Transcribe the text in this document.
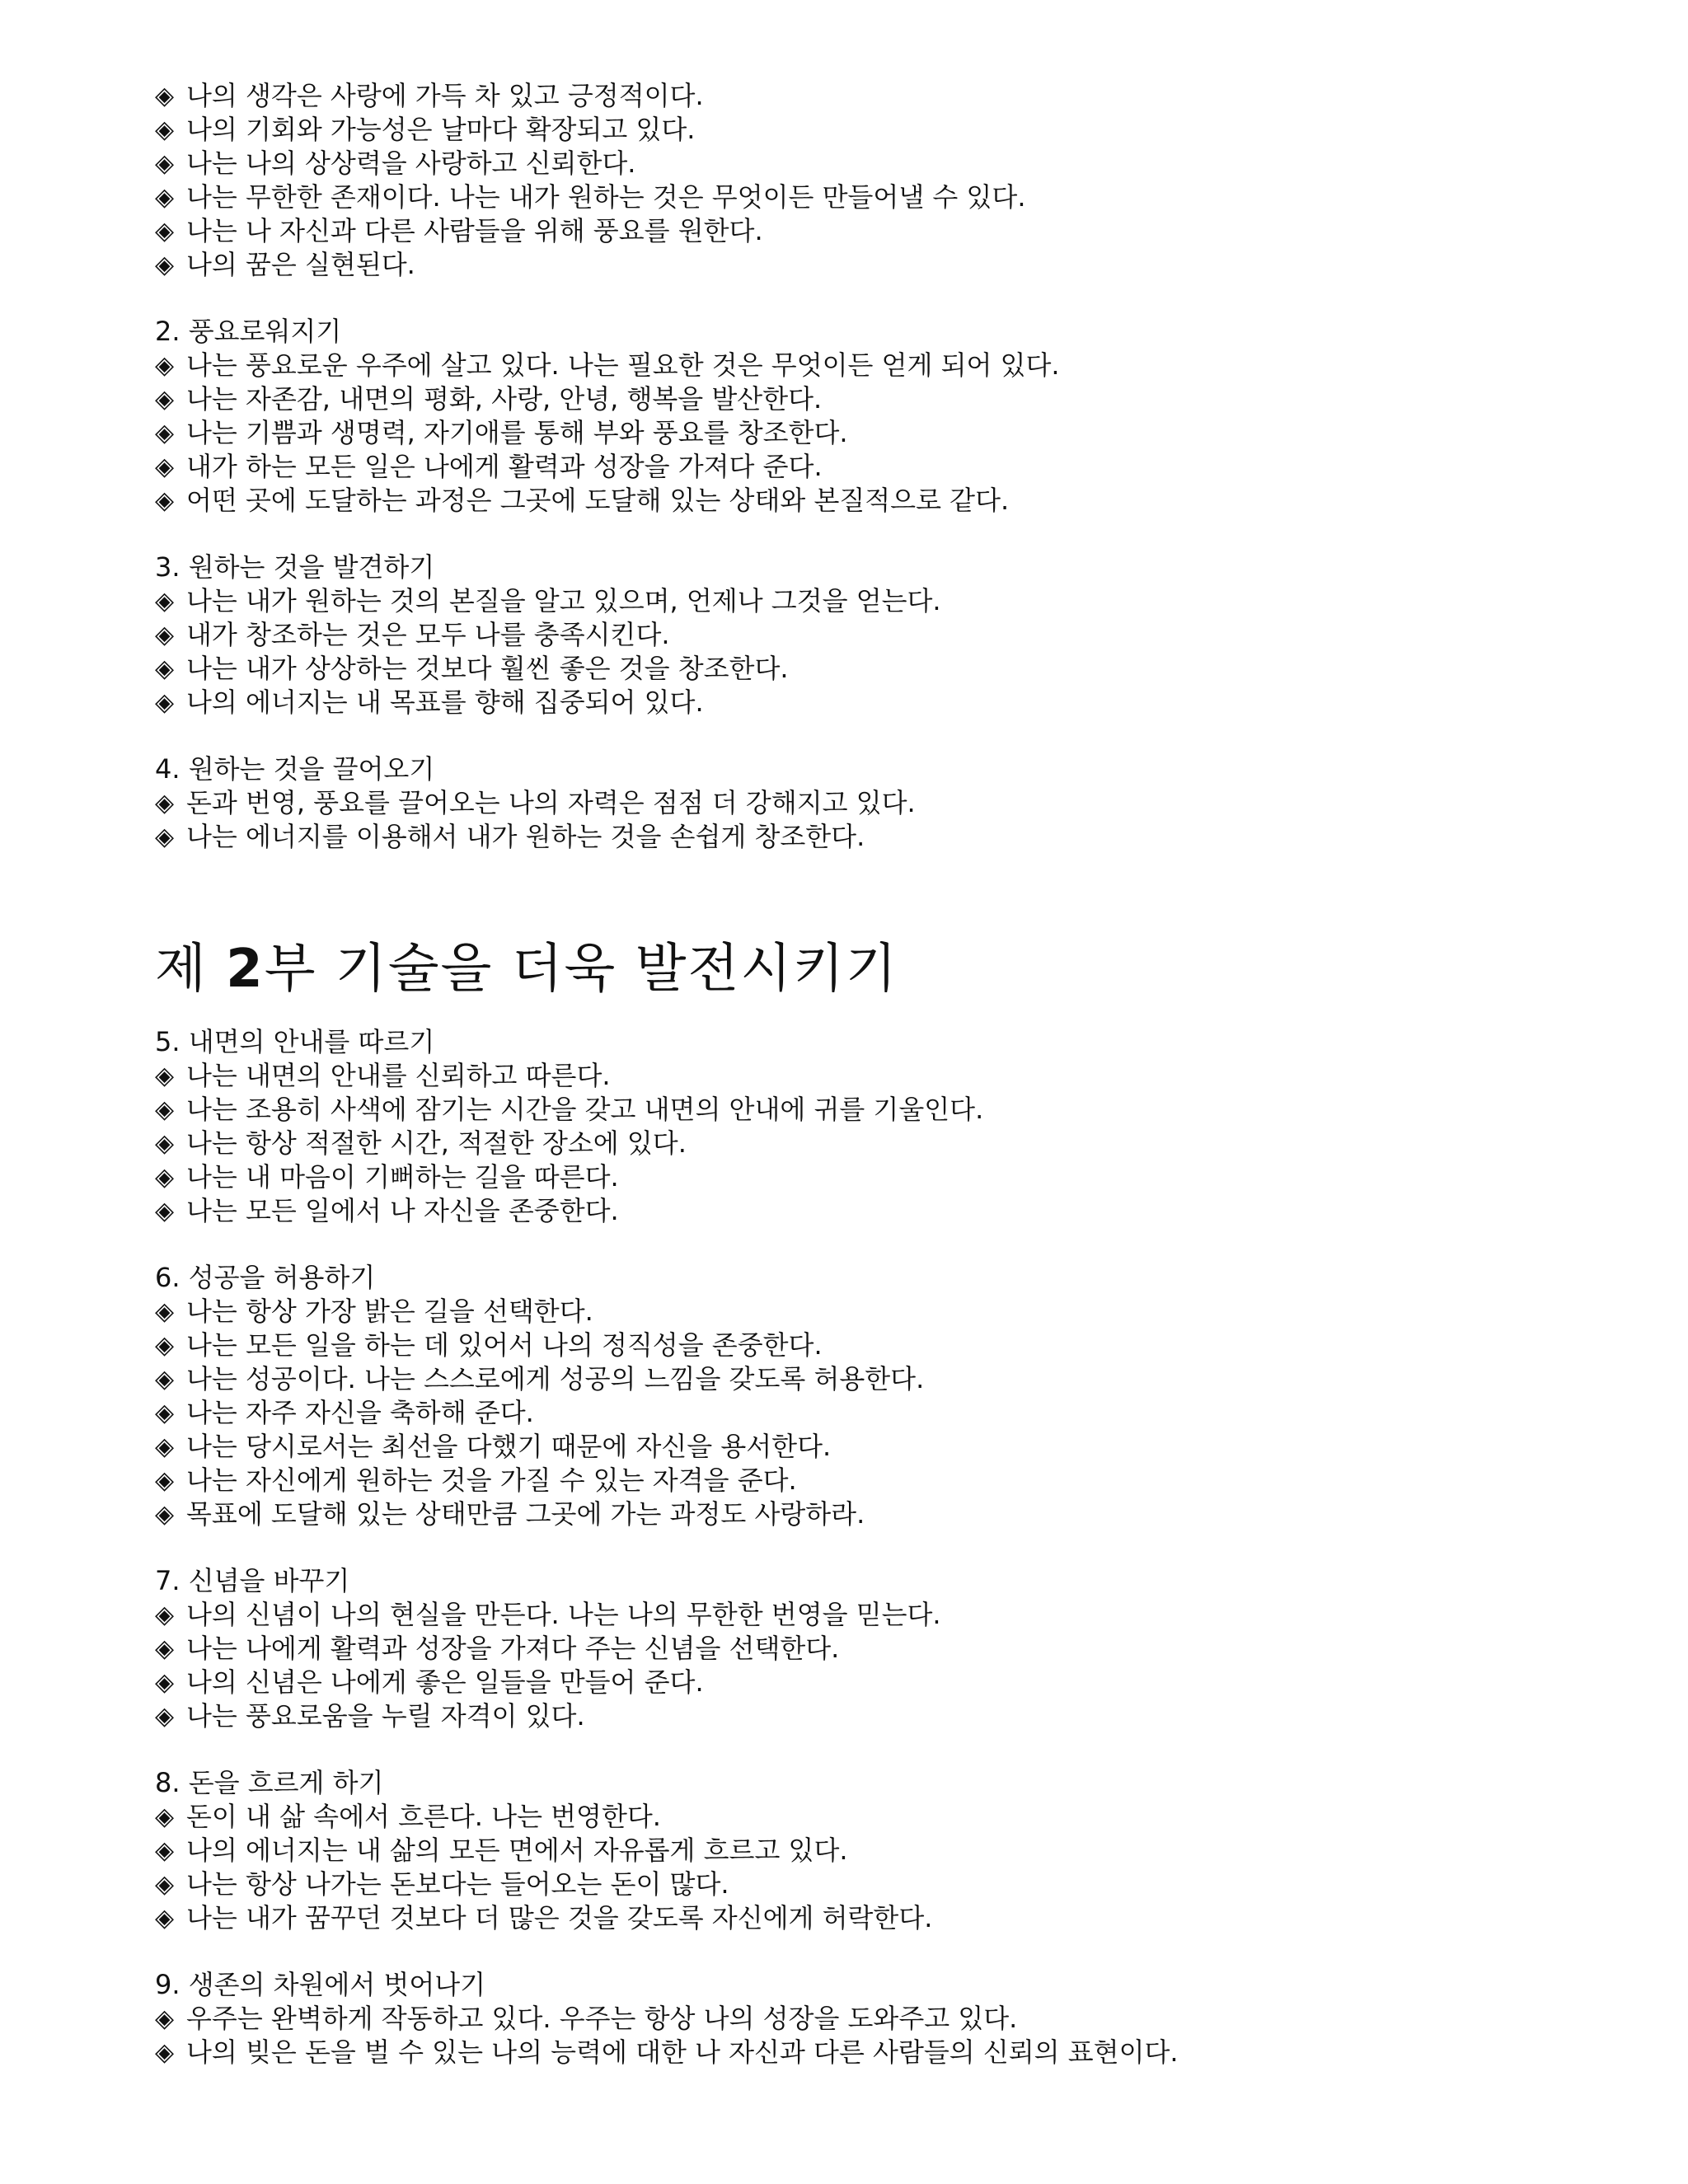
◈ 나의 생각은 사랑에 가득 차 있고 긍정적이다.
◈ 나의 기회와 가능성은 날마다 확장되고 있다.
◈ 나는 나의 상상력을 사랑하고 신뢰한다.
◈ 나는 무한한 존재이다. 나는 내가 원하는 것은 무엇이든 만들어낼 수 있다.
◈ 나는 나 자신과 다른 사람들을 위해 풍요를 원한다.
◈ 나의 꿈은 실현된다.
2. 풍요로워지기
◈ 나는 풍요로운 우주에 살고 있다. 나는 필요한 것은 무엇이든 얻게 되어 있다.
◈ 나는 자존감, 내면의 평화, 사랑, 안녕, 행복을 발산한다.
◈ 나는 기쁨과 생명력, 자기애를 통해 부와 풍요를 창조한다.
◈ 내가 하는 모든 일은 나에게 활력과 성장을 가져다 준다.
◈ 어떤 곳에 도달하는 과정은 그곳에 도달해 있는 상태와 본질적으로 같다.
3. 원하는 것을 발견하기
◈ 나는 내가 원하는 것의 본질을 알고 있으며, 언제나 그것을 얻는다.
◈ 내가 창조하는 것은 모두 나를 충족시킨다.
◈ 나는 내가 상상하는 것보다 훨씬 좋은 것을 창조한다.
◈ 나의 에너지는 내 목표를 향해 집중되어 있다.
4. 원하는 것을 끌어오기
◈ 돈과 번영, 풍요를 끌어오는 나의 자력은 점점 더 강해지고 있다.
◈ 나는 에너지를 이용해서 내가 원하는 것을 손쉽게 창조한다.
제 2부 기술을 더욱 발전시키기
5. 내면의 안내를 따르기
◈ 나는 내면의 안내를 신뢰하고 따른다.
◈ 나는 조용히 사색에 잠기는 시간을 갖고 내면의 안내에 귀를 기울인다.
◈ 나는 항상 적절한 시간, 적절한 장소에 있다.
◈ 나는 내 마음이 기뻐하는 길을 따른다.
◈ 나는 모든 일에서 나 자신을 존중한다.
6. 성공을 허용하기
◈ 나는 항상 가장 밝은 길을 선택한다.
◈ 나는 모든 일을 하는 데 있어서 나의 정직성을 존중한다.
◈ 나는 성공이다. 나는 스스로에게 성공의 느낌을 갖도록 허용한다.
◈ 나는 자주 자신을 축하해 준다.
◈ 나는 당시로서는 최선을 다했기 때문에 자신을 용서한다.
◈ 나는 자신에게 원하는 것을 가질 수 있는 자격을 준다.
◈ 목표에 도달해 있는 상태만큼 그곳에 가는 과정도 사랑하라.
7. 신념을 바꾸기
◈ 나의 신념이 나의 현실을 만든다. 나는 나의 무한한 번영을 믿는다.
◈ 나는 나에게 활력과 성장을 가져다 주는 신념을 선택한다.
◈ 나의 신념은 나에게 좋은 일들을 만들어 준다.
◈ 나는 풍요로움을 누릴 자격이 있다.
8. 돈을 흐르게 하기
◈ 돈이 내 삶 속에서 흐른다. 나는 번영한다.
◈ 나의 에너지는 내 삶의 모든 면에서 자유롭게 흐르고 있다.
◈ 나는 항상 나가는 돈보다는 들어오는 돈이 많다.
◈ 나는 내가 꿈꾸던 것보다 더 많은 것을 갖도록 자신에게 허락한다.
9. 생존의 차원에서 벗어나기
◈ 우주는 완벽하게 작동하고 있다. 우주는 항상 나의 성장을 도와주고 있다.
◈ 나의 빚은 돈을 벌 수 있는 나의 능력에 대한 나 자신과 다른 사람들의 신뢰의 표현이다.
